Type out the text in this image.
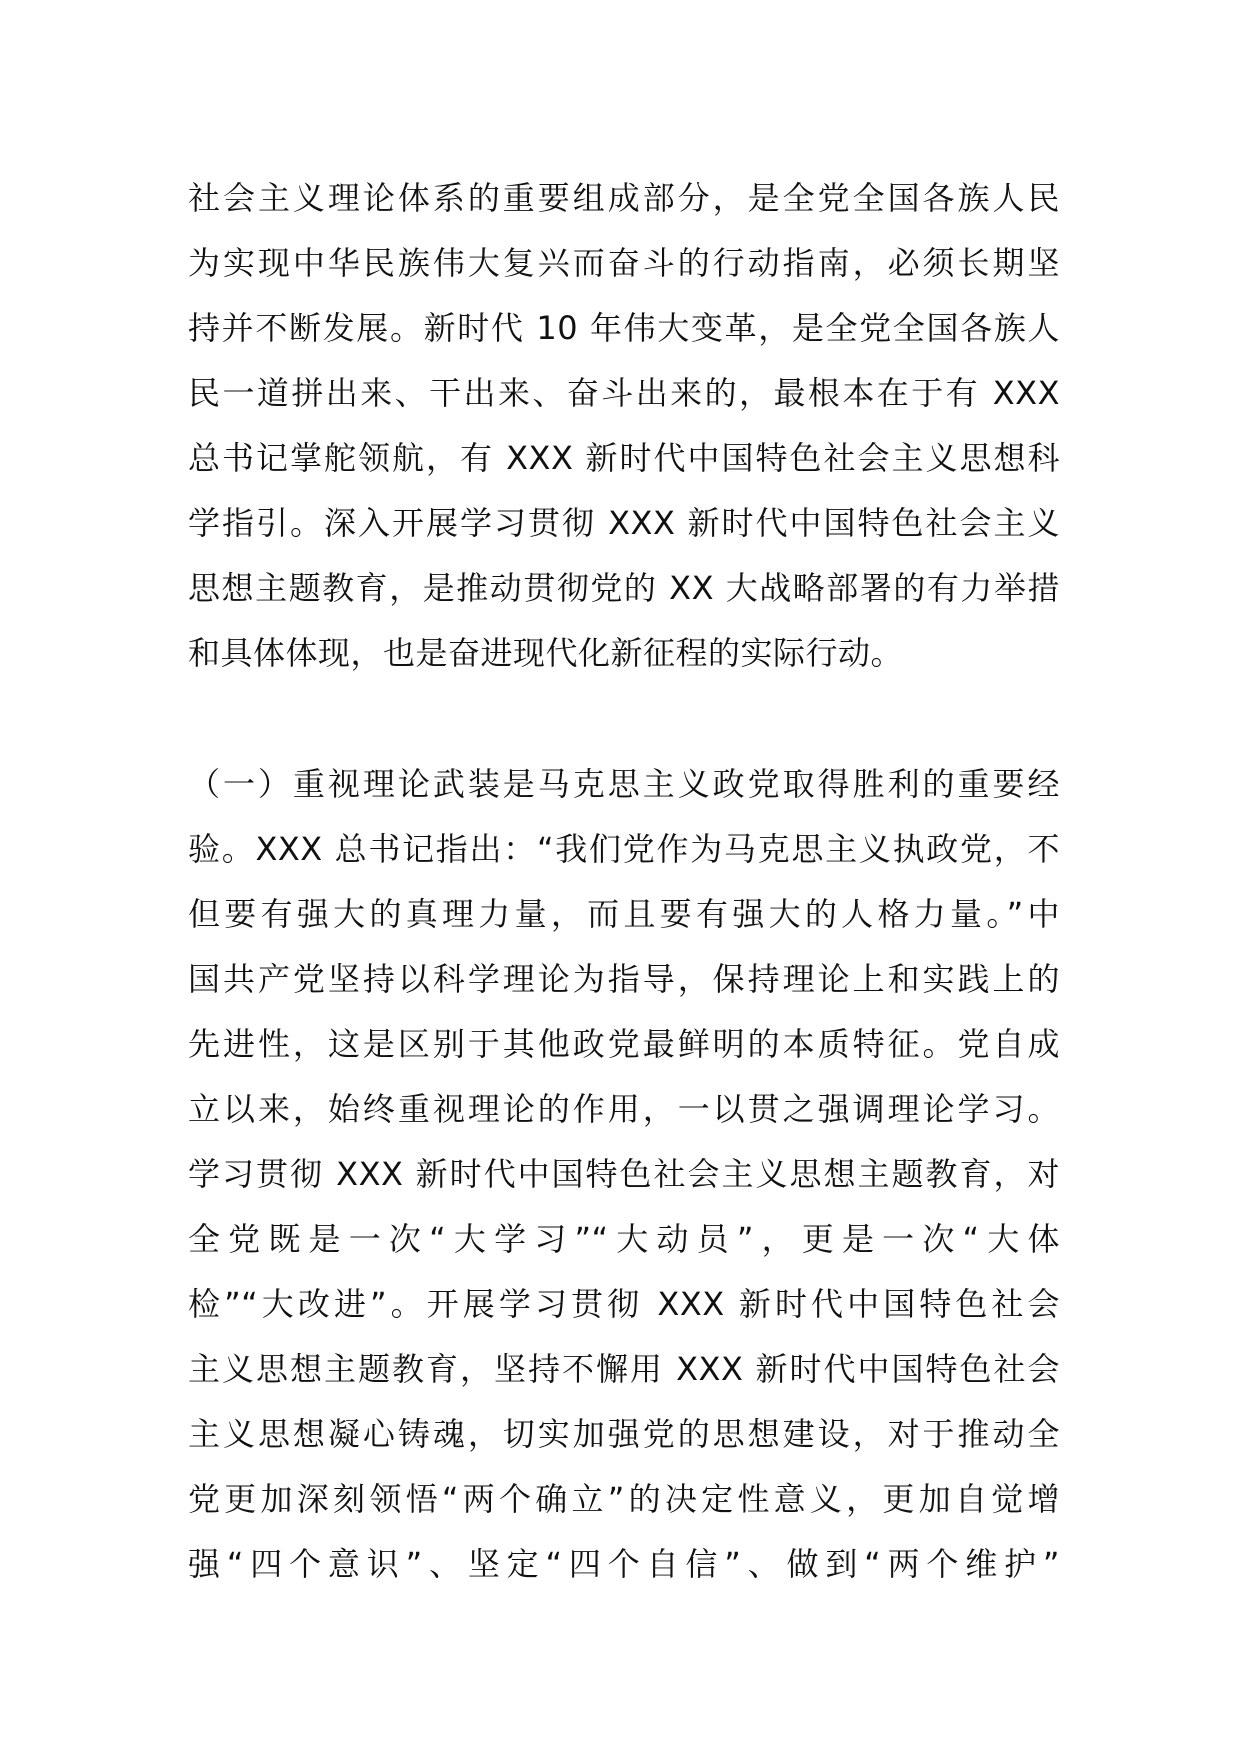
社会主义理论体系的重要组成部分，是全党全国各族人民
为实现中华民族伟大复兴而奋斗的行动指南，必须长期坚
持并不断发展。新时代 10 年伟大变革，是全党全国各族人
民一道拼出来、干出来、奋斗出来的，最根本在于有 XXX
总书记掌舵领航，有 XXX 新时代中国特色社会主义思想科
学指引。深入开展学习贯彻 XXX 新时代中国特色社会主义
思想主题教育，是推动贯彻党的 XX 大战略部署的有力举措
和具体体现，也是奋进现代化新征程的实际行动。
（一）重视理论武装是马克思主义政党取得胜利的重要经
验。XXX 总书记指出：“我们党作为马克思主义执政党，不
但要有强大的真理力量，而且要有强大的人格力量。”中
国共产党坚持以科学理论为指导，保持理论上和实践上的
先进性，这是区别于其他政党最鲜明的本质特征。党自成
立以来，始终重视理论的作用，一以贯之强调理论学习。
学习贯彻 XXX 新时代中国特色社会主义思想主题教育，对
全党既是一次“大学习”“大动员”，更是一次“大体
检”“大改进”。开展学习贯彻 XXX 新时代中国特色社会
主义思想主题教育，坚持不懈用 XXX 新时代中国特色社会
主义思想凝心铸魂，切实加强党的思想建设，对于推动全
党更加深刻领悟“两个确立”的决定性意义，更加自觉增
强“四个意识”、坚定“四个自信”、做到“两个维护”
